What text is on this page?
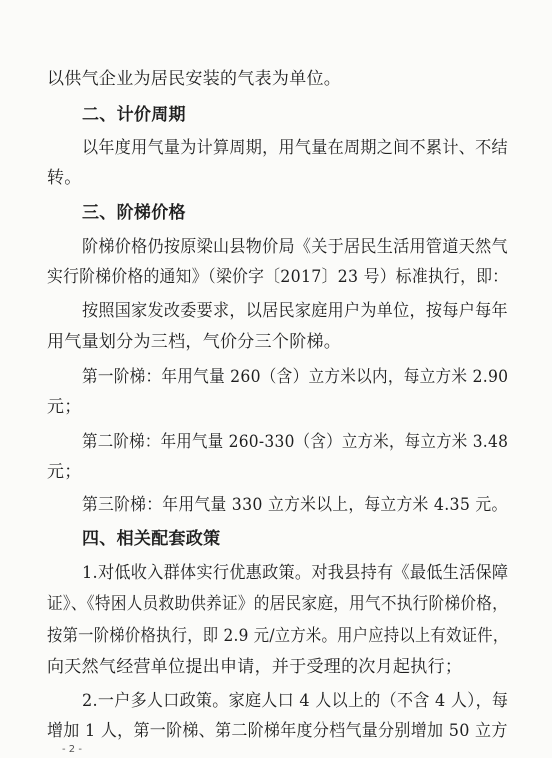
以供气企业为居民安装的气表为单位。
二、计价周期
以年度用气量为计算周期，用气量在周期之间不累计、不结
转。
三、阶梯价格
阶梯价格仍按原梁山县物价局《关于居民生活用管道天然气
实行阶梯价格的通知》（梁价字〔2017〕23 号）标准执行，即：
按照国家发改委要求，以居民家庭用户为单位，按每户每年
用气量划分为三档，气价分三个阶梯。
第一阶梯：年用气量 260（含）立方米以内，每立方米 2.90
元；
第二阶梯：年用气量 260-330（含）立方米，每立方米 3.48
元；
第三阶梯：年用气量 330 立方米以上，每立方米 4.35 元。
四、相关配套政策
1.对低收入群体实行优惠政策。对我县持有《最低生活保障
证》、《特困人员救助供养证》的居民家庭，用气不执行阶梯价格，
按第一阶梯价格执行，即 2.9 元/立方米。用户应持以上有效证件，
向天然气经营单位提出申请，并于受理的次月起执行；
2.一户多人口政策。家庭人口 4 人以上的（不含 4 人），每
增加 1 人，第一阶梯、第二阶梯年度分档气量分别增加 50 立方
- 2 -
